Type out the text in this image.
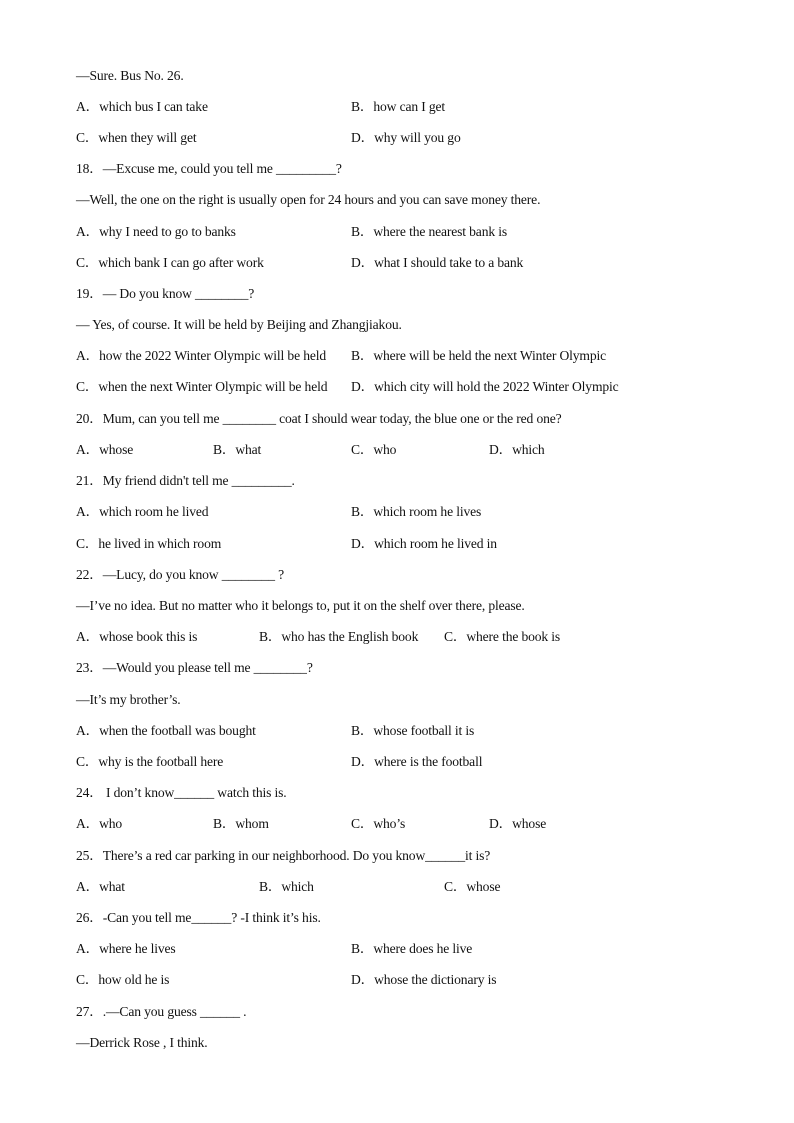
—Sure. Bus No. 26.
A．which bus I can take	B．how can I get
C．when they will get	D．why will you go
18．—Excuse me, could you tell me _________?
—Well, the one on the right is usually open for 24 hours and you can save money there.
A．why I need to go to banks	B．where the nearest bank is
C．which bank I can go after work	D．what I should take to a bank
19．— Do you know ________?
— Yes, of course. It will be held by Beijing and Zhangjiakou.
A．how the 2022 Winter Olympic will be held B．where will be held the next Winter Olympic
C．when the next Winter Olympic will be held D．which city will hold the 2022 Winter Olympic
20．Mum, can you tell me ________ coat I should wear today, the blue one or the red one?
A．whose	B．what	C．who	D．which
21．My friend didn't tell me _________.
A．which room he lived	B．which room he lives
C．he lived in which room	D．which room he lived in
22．—Lucy, do you know ________ ?
—I’ve no idea. But no matter who it belongs to, put it on the shelf over there, please.
A．whose book this is	B．who has the English book C．where the book is
23．—Would you please tell me ________?
—It’s my brother’s.
A．when the football was bought	B．whose football it is
C．why is the football here	D．where is the football
24． I don’t know______ watch this is.
A．who	B．whom	C．who’s	D．whose
25．There’s a red car parking in our neighborhood. Do you know______it is?
A．what	B．which	C．whose
26．-Can you tell me______? -I think it’s his.
A．where he lives	B．where does he live
C．how old he is	D．whose the dictionary is
27．.—Can you guess ______ .
—Derrick Rose , I think.
